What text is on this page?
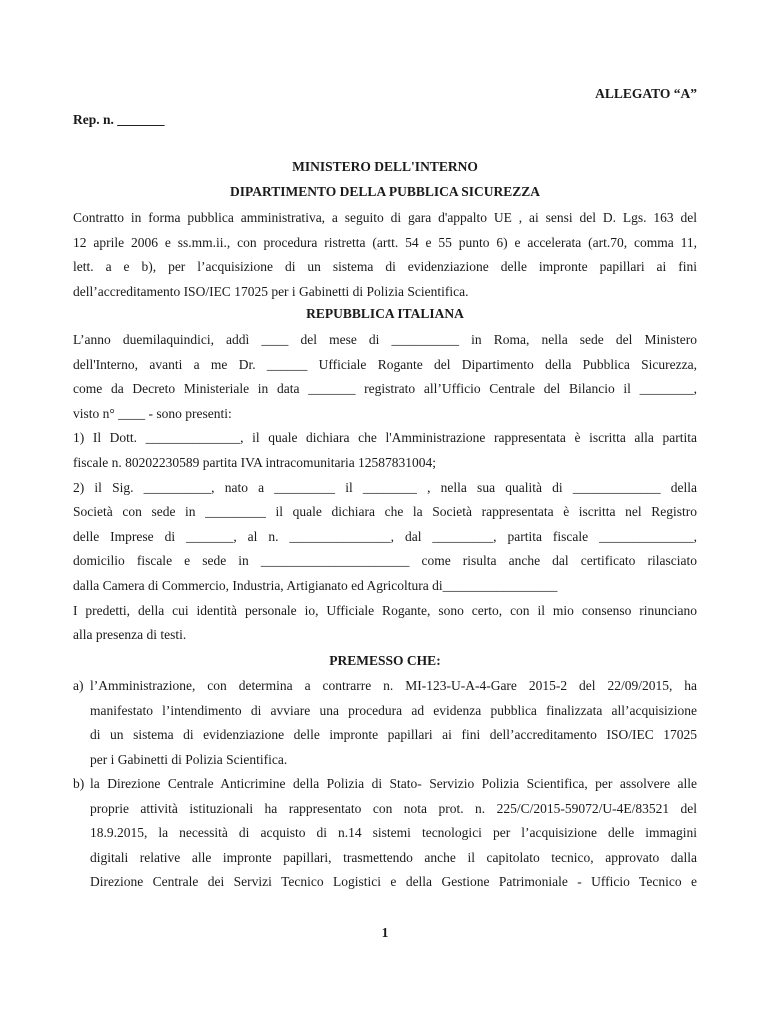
ALLEGATO “A”
Rep. n. _______
MINISTERO DELL'INTERNO
DIPARTIMENTO DELLA PUBBLICA SICUREZZA
Contratto in forma pubblica amministrativa, a seguito di gara d'appalto UE , ai sensi del D. Lgs. 163 del
12 aprile 2006 e ss.mm.ii., con procedura ristretta (artt. 54 e 55 punto 6) e accelerata (art.70, comma 11,
lett. a e b), per l’acquisizione di un sistema di evidenziazione delle impronte papillari ai fini
dell’accreditamento ISO/IEC 17025 per i Gabinetti di Polizia Scientifica.
REPUBBLICA ITALIANA
L’anno duemilaquindici, addì ____ del mese di __________ in Roma, nella sede del Ministero
dell'Interno, avanti a me Dr. ______ Ufficiale Rogante del Dipartimento della Pubblica Sicurezza,
come da Decreto Ministeriale in data _______ registrato all’Ufficio Centrale del Bilancio il ________,
visto n° ____ - sono presenti:
1) Il Dott. ______________, il quale dichiara che l'Amministrazione rappresentata è iscritta alla partita
fiscale n. 80202230589 partita IVA intracomunitaria 12587831004;
2) il Sig. __________, nato a _________ il ________ , nella sua qualità di _____________ della
Società con sede in _________ il quale dichiara che la Società rappresentata è iscritta nel Registro
delle Imprese di _______, al n. _______________, dal _________, partita fiscale ______________,
domicilio fiscale e sede in ______________________ come risulta anche dal certificato rilasciato
dalla Camera di Commercio, Industria, Artigianato ed Agricoltura di_________________
I predetti, della cui identità personale io, Ufficiale Rogante, sono certo, con il mio consenso rinunciano
alla presenza di testi.
PREMESSO CHE:
a) l’Amministrazione, con determina a contrarre n. MI-123-U-A-4-Gare 2015-2 del 22/09/2015, ha
manifestato l’intendimento di avviare una procedura ad evidenza pubblica finalizzata all’acquisizione
di un sistema di evidenziazione delle impronte papillari ai fini dell’accreditamento ISO/IEC 17025
per i Gabinetti di Polizia Scientifica.
b) la Direzione Centrale Anticrimine della Polizia di Stato- Servizio Polizia Scientifica, per assolvere alle
proprie attività istituzionali ha rappresentato con nota prot. n. 225/C/2015-59072/U-4E/83521 del
18.9.2015, la necessità di acquisto di n.14 sistemi tecnologici per l’acquisizione delle immagini
digitali relative alle impronte papillari, trasmettendo anche il capitolato tecnico, approvato dalla
Direzione Centrale dei Servizi Tecnico Logistici e della Gestione Patrimoniale - Ufficio Tecnico e
1
